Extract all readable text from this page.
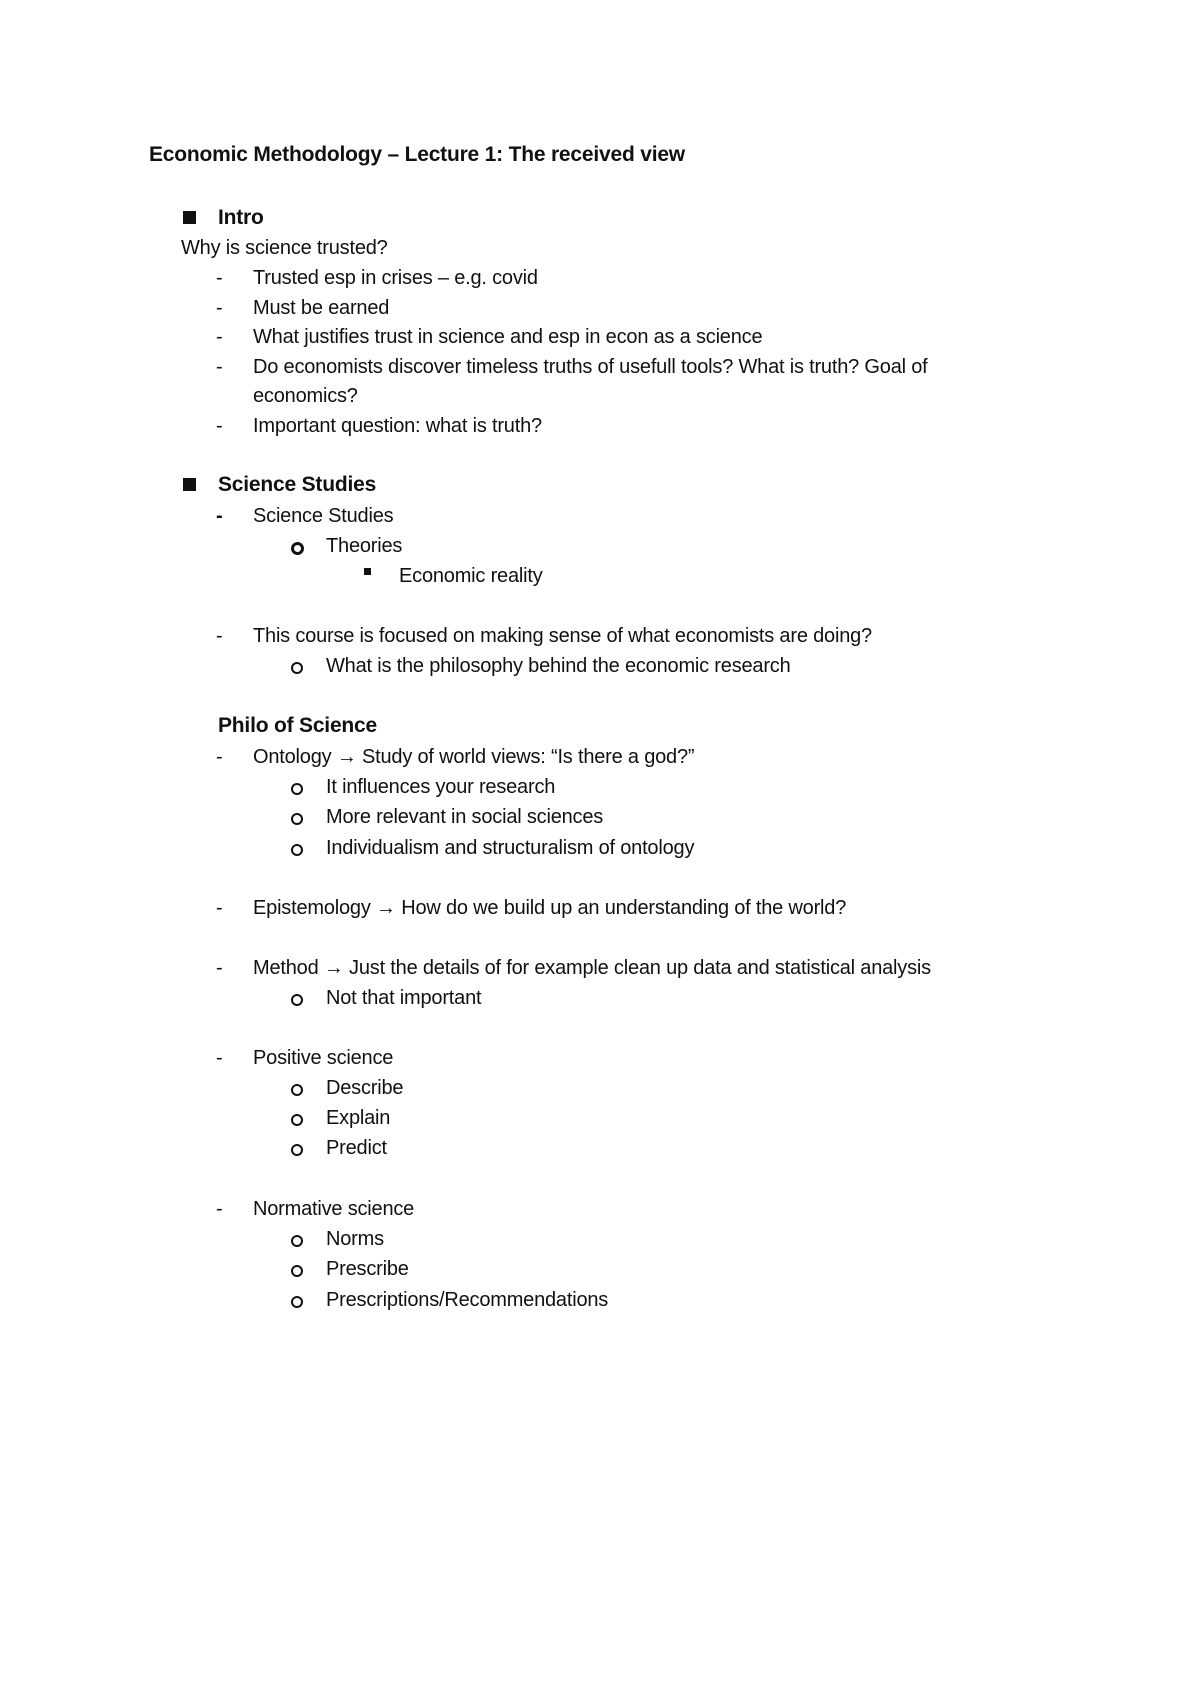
Economic Methodology – Lecture 1: The received view
Intro
Why is science trusted?
- Trusted esp in crises – e.g. covid
- Must be earned
- What justifies trust in science and esp in econ as a science
- Do economists discover timeless truths of usefull tools? What is truth? Goal of
economics?
- Important question: what is truth?
Science Studies
- Science Studies
Theories
Economic reality
- This course is focused on making sense of what economists are doing?
What is the philosophy behind the economic research
Philo of Science
- Ontology → Study of world views: “Is there a god?”
It influences your research
More relevant in social sciences
Individualism and structuralism of ontology
- Epistemology → How do we build up an understanding of the world?
- Method → Just the details of for example clean up data and statistical analysis
Not that important
- Positive science
Describe
Explain
Predict
- Normative science
Norms
Prescribe
Prescriptions/Recommendations
